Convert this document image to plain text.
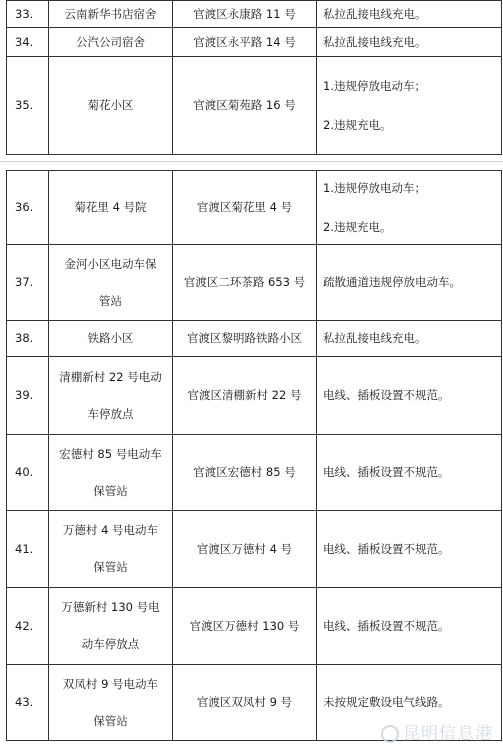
33.	云南新华书店宿舍	官渡区永康路 11 号	私拉乱接电线充电。

34.	公汽公司宿舍	官渡区永平路 14 号	私拉乱接电线充电。

35.	菊花小区	官渡区菊苑路 16 号	1.违规停放电动车；
2.违规充电。
36.	菊花里 4 号院	官渡区菊花里 4 号	1.违规停放电动车；
2.违规充电。

37.	金河小区电动车保
管站	官渡区二环茶路 653 号	疏散通道违规停放电动车。

38.	铁路小区	官渡区黎明路铁路小区	私拉乱接电线充电。

39.	清棚新村 22 号电动
车停放点	官渡区清棚新村 22 号	电线、插板设置不规范。

40.	宏德村 85 号电动车
保管站	官渡区宏德村 85 号	电线、插板设置不规范。

41.	万德村 4 号电动车
保管站	官渡区万德村 4 号	电线、插板设置不规范。

42.	万德新村 130 号电
动车停放点	官渡区万德村 130 号	电线、插板设置不规范。

43.	双凤村 9 号电动车
保管站	官渡区双凤村 9 号	未按规定敷设电气线路。
昆明信息港
